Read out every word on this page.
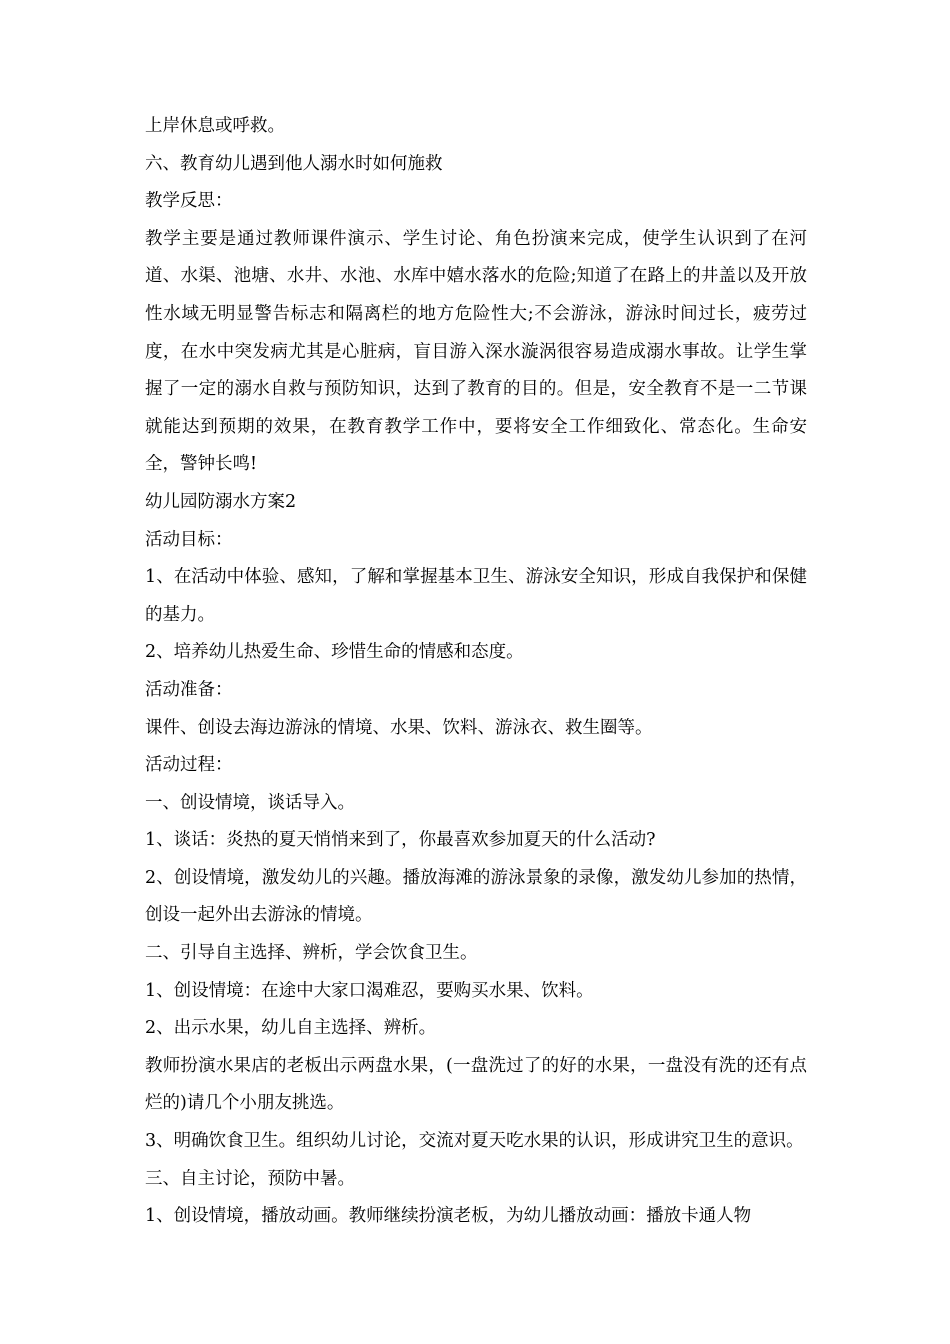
上岸休息或呼救。

六、教育幼儿遇到他人溺水时如何施救

教学反思：

教学主要是通过教师课件演示、学生讨论、角色扮演来完成，使学生认识到了在河道、水渠、池塘、水井、水池、水库中嬉水落水的危险;知道了在路上的井盖以及开放性水域无明显警告标志和隔离栏的地方危险性大;不会游泳，游泳时间过长，疲劳过度，在水中突发病尤其是心脏病，盲目游入深水漩涡很容易造成溺水事故。让学生掌握了一定的溺水自救与预防知识，达到了教育的目的。但是，安全教育不是一二节课就能达到预期的效果，在教育教学工作中，要将安全工作细致化、常态化。生命安全，警钟长鸣!

幼儿园防溺水方案2

活动目标：

1、在活动中体验、感知，了解和掌握基本卫生、游泳安全知识，形成自我保护和保健的基力。

2、培养幼儿热爱生命、珍惜生命的情感和态度。

活动准备：

课件、创设去海边游泳的情境、水果、饮料、游泳衣、救生圈等。

活动过程：

一、创设情境，谈话导入。

1、谈话：炎热的夏天悄悄来到了，你最喜欢参加夏天的什么活动?

2、创设情境，激发幼儿的兴趣。播放海滩的游泳景象的录像，激发幼儿参加的热情，创设一起外出去游泳的情境。

二、引导自主选择、辨析，学会饮食卫生。

1、创设情境：在途中大家口渴难忍，要购买水果、饮料。

2、出示水果，幼儿自主选择、辨析。

教师扮演水果店的老板出示两盘水果，(一盘洗过了的好的水果，一盘没有洗的还有点烂的)请几个小朋友挑选。

3、明确饮食卫生。组织幼儿讨论，交流对夏天吃水果的认识，形成讲究卫生的意识。

三、自主讨论，预防中暑。

1、创设情境，播放动画。教师继续扮演老板，为幼儿播放动画：播放卡通人物
